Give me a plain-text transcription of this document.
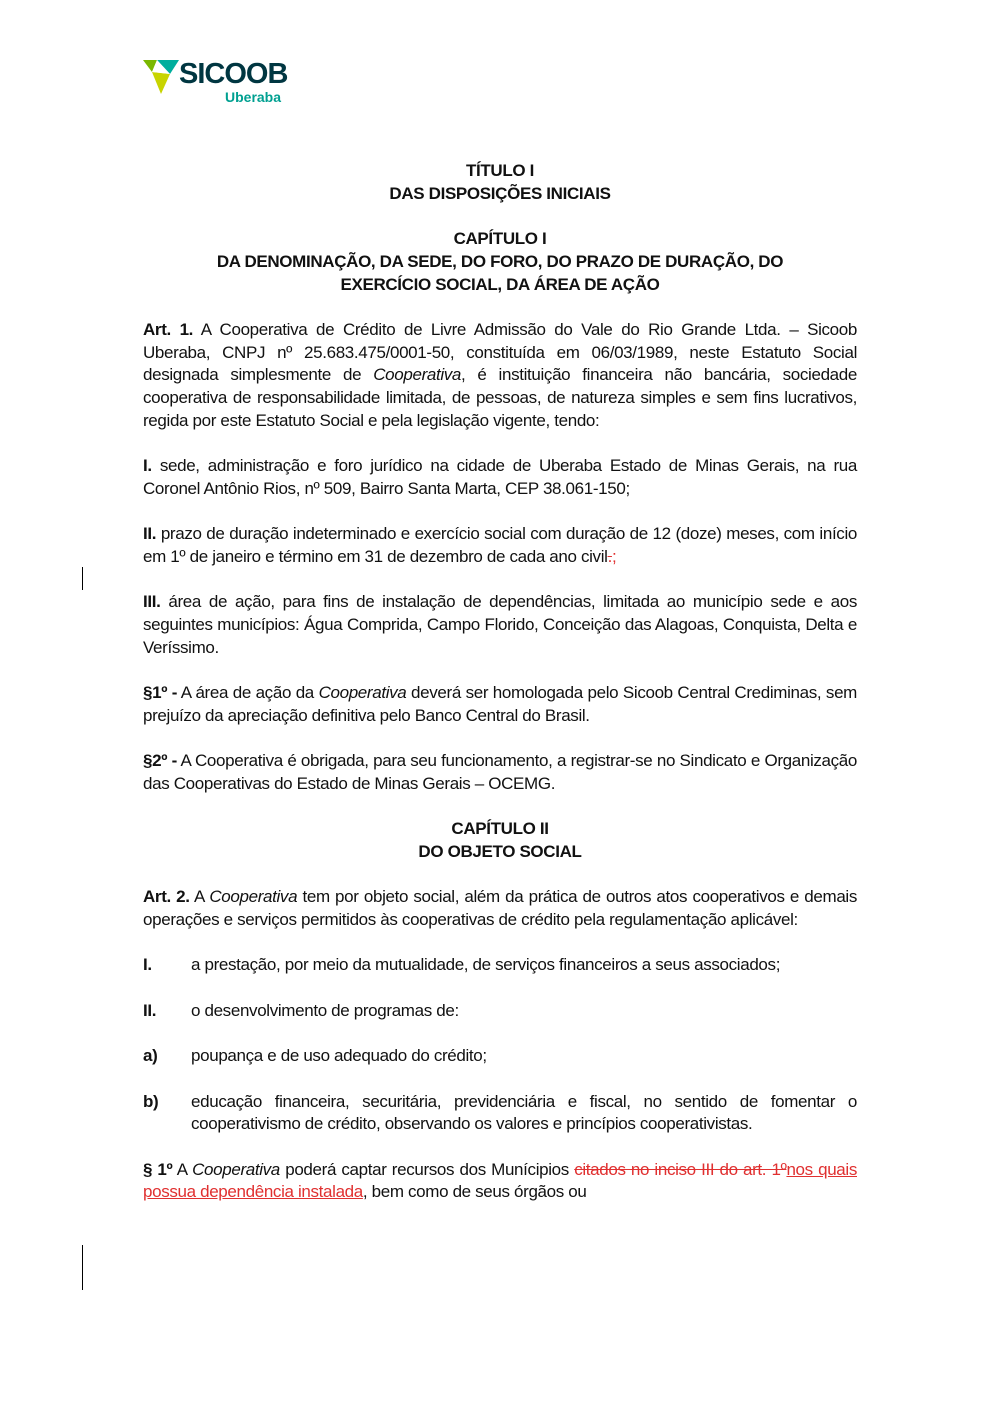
SICOOB
Uberaba
TÍTULO I
DAS DISPOSIÇÕES INICIAIS
CAPÍTULO I
DA DENOMINAÇÃO, DA SEDE, DO FORO, DO PRAZO DE DURAÇÃO, DO
EXERCÍCIO SOCIAL, DA ÁREA DE AÇÃO

Art. 1. A Cooperativa de Crédito de Livre Admissão do Vale do Rio Grande Ltda. – Sicoob Uberaba, CNPJ nº 25.683.475/0001-50, constituída em 06/03/1989, neste Estatuto Social designada simplesmente de Cooperativa, é instituição financeira não bancária, sociedade cooperativa de responsabilidade limitada, de pessoas, de natureza simples e sem fins lucrativos, regida por este Estatuto Social e pela legislação vigente, tendo:

I. sede, administração e foro jurídico na cidade de Uberaba Estado de Minas Gerais, na rua Coronel Antônio Rios, nº 509, Bairro Santa Marta, CEP 38.061-150;

II. prazo de duração indeterminado e exercício social com duração de 12 (doze) meses, com início em 1º de janeiro e término em 31 de dezembro de cada ano civil.;

III. área de ação, para fins de instalação de dependências, limitada ao município sede e aos seguintes municípios: Água Comprida, Campo Florido, Conceição das Alagoas, Conquista, Delta e Veríssimo.

§1º - A área de ação da Cooperativa deverá ser homologada pelo Sicoob Central Crediminas, sem prejuízo da apreciação definitiva pelo Banco Central do Brasil.

§2º - A Cooperativa é obrigada, para seu funcionamento, a registrar-se no Sindicato e Organização das Cooperativas do Estado de Minas Gerais – OCEMG.

CAPÍTULO II
DO OBJETO SOCIAL

Art. 2. A Cooperativa tem por objeto social, além da prática de outros atos cooperativos e demais operações e serviços permitidos às cooperativas de crédito pela regulamentação aplicável:

I.	a prestação, por meio da mutualidade, de serviços financeiros a seus associados;
II.	o desenvolvimento de programas de:
a)	poupança e de uso adequado do crédito;
b)	educação financeira, securitária, previdenciária e fiscal, no sentido de fomentar o cooperativismo de crédito, observando os valores e princípios cooperativistas.

§ 1º A Cooperativa poderá captar recursos dos Munícipios citados no inciso III do art. 1ºnos quais possua dependência instalada, bem como de seus órgãos ou
